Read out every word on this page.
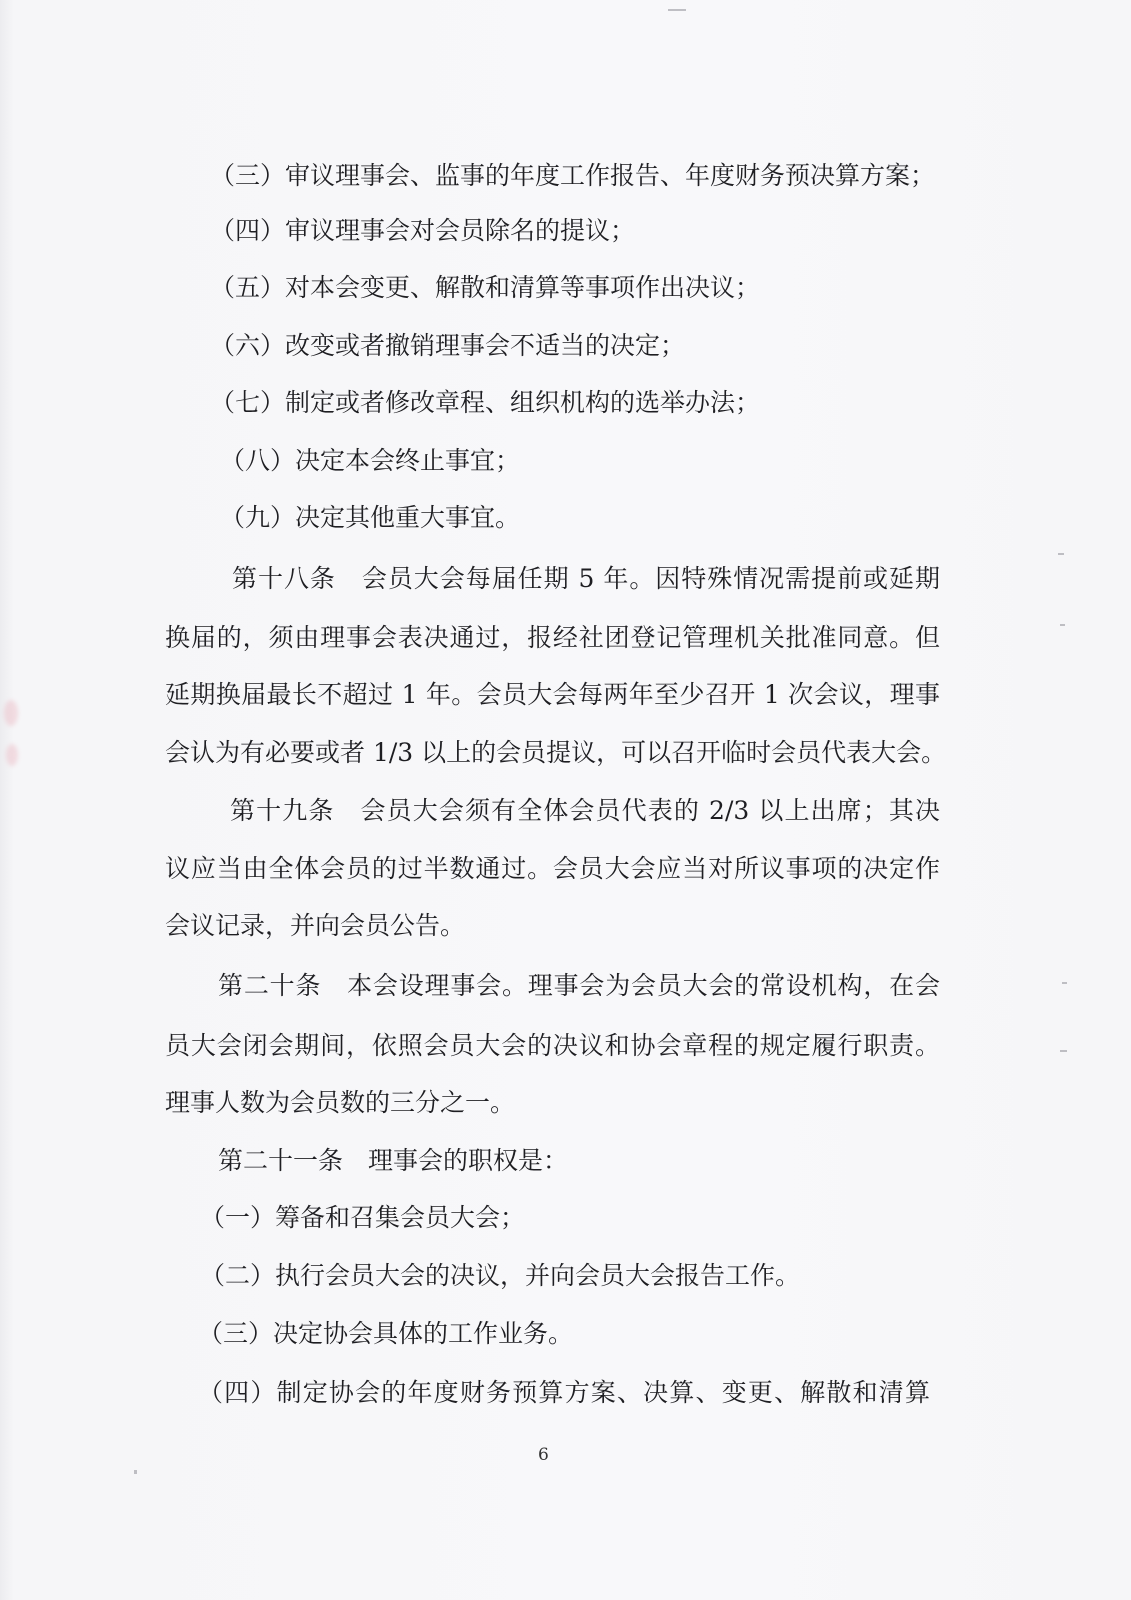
（三）审议理事会、监事的年度工作报告、年度财务预决算方案；
（四）审议理事会对会员除名的提议；
（五）对本会变更、解散和清算等事项作出决议；
（六）改变或者撤销理事会不适当的决定；
（七）制定或者修改章程、组织机构的选举办法；
（八）决定本会终止事宜；
（九）决定其他重大事宜。
第十八条　会员大会每届任期 5 年。因特殊情况需提前或延期
换届的，须由理事会表决通过，报经社团登记管理机关批准同意。但
延期换届最长不超过 1 年。会员大会每两年至少召开 1 次会议，理事
会认为有必要或者 1/3 以上的会员提议，可以召开临时会员代表大会。
第十九条　会员大会须有全体会员代表的 2/3 以上出席；其决
议应当由全体会员的过半数通过。会员大会应当对所议事项的决定作
会议记录，并向会员公告。
第二十条　本会设理事会。理事会为会员大会的常设机构，在会
员大会闭会期间，依照会员大会的决议和协会章程的规定履行职责。
理事人数为会员数的三分之一。
第二十一条　理事会的职权是：
（一）筹备和召集会员大会；
（二）执行会员大会的决议，并向会员大会报告工作。
（三）决定协会具体的工作业务。
（四）制定协会的年度财务预算方案、决算、变更、解散和清算
6
